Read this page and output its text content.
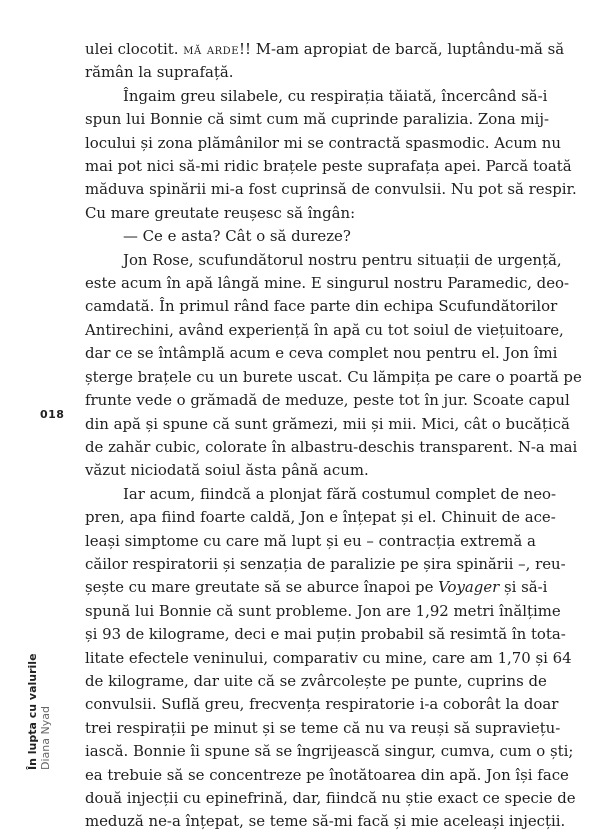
ulei clocotit. mă arde!! M-am apropiat de barcă, luptându-mă să
rămân la suprafață.

Îngaim greu silabele, cu respirația tăiată, încercând să-i
spun lui Bonnie că simt cum mă cuprinde paralizia. Zona mij-
locului și zona plămânilor mi se contractă spasmodic. Acum nu
mai pot nici să-mi ridic brațele peste suprafața apei. Parcă toată
măduva spinării mi-a fost cuprinsă de convulsii. Nu pot să respir.
Cu mare greutate reușesc să îngân:

— Ce e asta? Cât o să dureze?

Jon Rose, scufundătorul nostru pentru situații de urgență,
este acum în apă lângă mine. E singurul nostru Paramedic, deo-
camdată. În primul rând face parte din echipa Scufundătorilor
Antirechini, având experiență în apă cu tot soiul de viețuitoare,
dar ce se întâmplă acum e ceva complet nou pentru el. Jon îmi
șterge brațele cu un burete uscat. Cu lămpița pe care o poartă pe
frunte vede o grămadă de meduze, peste tot în jur. Scoate capul
din apă și spune că sunt grămezi, mii și mii. Mici, cât o bucățică
de zahăr cubic, colorate în albastru-deschis transparent. N-a mai
văzut niciodată soiul ăsta până acum.

Iar acum, fiindcă a plonjat fără costumul complet de neo-
pren, apa fiind foarte caldă, Jon e înțepat și el. Chinuit de ace-
leași simptome cu care mă lupt și eu – contracția extremă a
căilor respiratorii și senzația de paralizie pe șira spinării –, reu-
șește cu mare greutate să se aburce înapoi pe Voyager și să-i
spună lui Bonnie că sunt probleme. Jon are 1,92 metri înălțime
și 93 de kilograme, deci e mai puțin probabil să resimtă în tota-
litate efectele veninului, comparativ cu mine, care am 1,70 și 64
de kilograme, dar uite că se zvârcolește pe punte, cuprins de
convulsii. Suflă greu, frecvența respiratorie i-a coborât la doar
trei respirații pe minut și se teme că nu va reuși să supraviețu-
iască. Bonnie îi spune să se îngrijească singur, cumva, cum o ști;
ea trebuie să se concentreze pe înotătoarea din apă. Jon își face
două injecții cu epinefrină, dar, fiindcă nu știe exact ce specie de
meduză ne-a înțepat, se teme să-mi facă și mie aceleași injecții.

018
În lupta cu valurile Diana Nyad
